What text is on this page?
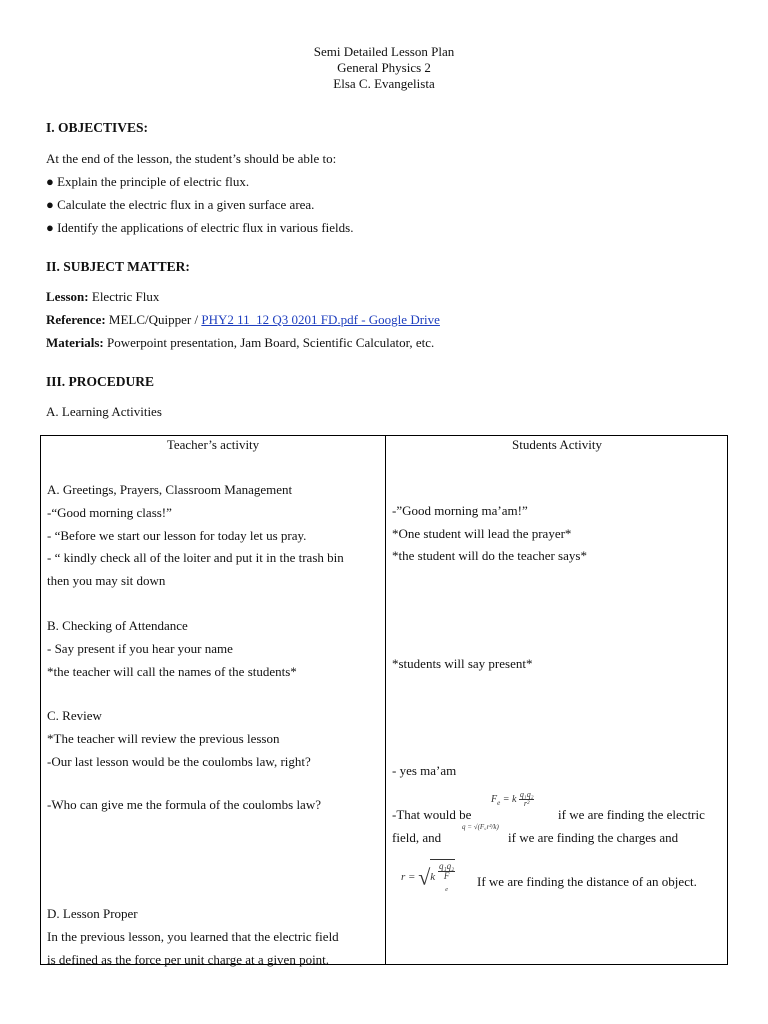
Semi Detailed Lesson Plan
General Physics 2
Elsa C. Evangelista
I. OBJECTIVES:
At the end of the lesson, the student’s should be able to:
● Explain the principle of electric flux.
● Calculate the electric flux in a given surface area.
● Identify the applications of electric flux in various fields.
II. SUBJECT MATTER:
Lesson: Electric Flux
Reference: MELC/Quipper / PHY2 11_12 Q3 0201 FD.pdf - Google Drive
Materials: Powerpoint presentation, Jam Board, Scientific Calculator, etc.
III. PROCEDURE
A. Learning Activities
Teacher’s activity	Students Activity
A. Greetings, Prayers, Classroom Management
-“Good morning class!”
- “Before we start our lesson for today let us pray.
- “ kindly check all of the loiter and put it in the trash bin
then you may sit down
B. Checking of Attendance
- Say present if you hear your name
*the teacher will call the names of the students*
C. Review
*The teacher will review the previous lesson
-Our last lesson would be the coulombs law, right?
-Who can give me the formula of the coulombs law?
D. Lesson Proper
In the previous lesson, you learned that the electric field
is defined as the force per unit charge at a given point.
-”Good morning ma’am!”
*One student will lead the prayer*
*the student will do the teacher says*
*students will say present*
- yes ma’am
-That would be
$F_e = k \frac{\text{q₁q₂}}{\text{r²}}$
if we are finding the electric
field, and
q = √(F꜀r²/k)
if we are finding the charges and
r = √k q₁q₂
F
$_e$ If we are finding the distance of an object.
